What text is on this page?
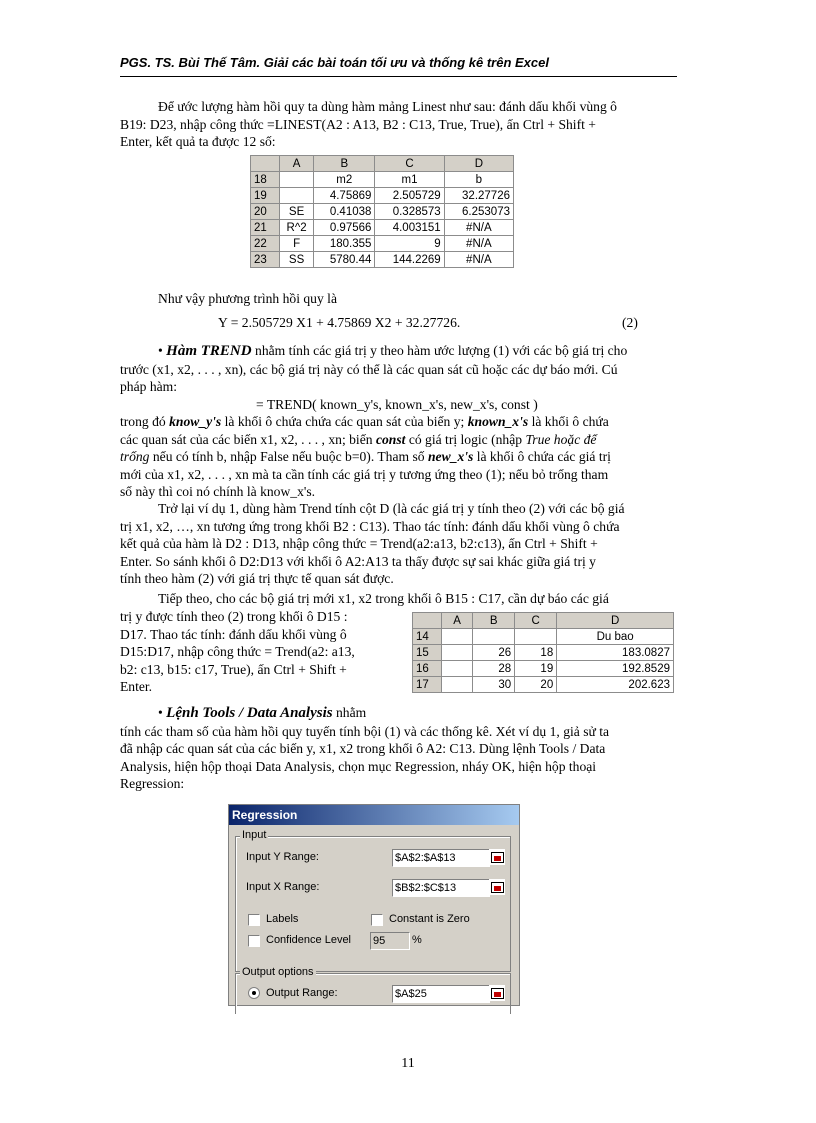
PGS. TS. Bùi Thế Tâm. Giải các bài toán tối ưu và thống kê trên Excel
Để ước lượng hàm hồi quy ta dùng hàm mảng Linest như sau: đánh dấu khối vùng ô
B19: D23, nhập công thức =LINEST(A2 : A13, B2 : C13, True, True), ấn Ctrl + Shift +
Enter, kết quả ta được 12 số:
	A	B	C	D
18		m2	m1	b
19		4.75869	2.505729	32.27726
20	SE	0.41038	0.328573	6.253073
21	R^2	0.97566	4.003151	#N/A
22	F	180.355	9	#N/A
23	SS	5780.44	144.2269	#N/A
Như vậy phương trình hồi quy là
Y = 2.505729 X1 + 4.75869 X2 + 32.27726.	(2)
• Hàm TREND nhằm tính các giá trị y theo hàm ước lượng (1) với các bộ giá trị cho
trước (x1, x2, . . . , xn), các bộ giá trị này có thể là các quan sát cũ hoặc các dự báo mới. Cú
pháp hàm:
= TREND( known_y's, known_x's, new_x's, const )
trong đó know_y's là khối ô chứa chứa các quan sát của biến y; known_x's là khối ô chứa
các quan sát của các biến x1, x2, . . . , xn; biến const có giá trị logic (nhập True hoặc để
trống nếu có tính b, nhập False nếu buộc b=0). Tham số new_x's là khối ô chứa các giá trị
mới của x1, x2, . . . , xn mà ta cần tính các giá trị y tương ứng theo (1); nếu bỏ trống tham
số này thì coi nó chính là know_x's.
Trở lại ví dụ 1, dùng hàm Trend tính cột D (là các giá trị y tính theo (2) với các bộ giá
trị x1, x2, …, xn tương ứng trong khối B2 : C13). Thao tác tính: đánh dấu khối vùng ô chứa
kết quả của hàm là D2 : D13, nhập công thức = Trend(a2:a13, b2:c13), ấn Ctrl + Shift +
Enter. So sánh khối ô D2:D13 với khối ô A2:A13 ta thấy được sự sai khác giữa giá trị y
tính theo hàm (2) với giá trị thực tế quan sát được.
Tiếp theo, cho các bộ giá trị mới x1, x2 trong khối ô B15 : C17, cần dự báo các giá
trị y được tính theo (2) trong khối ô D15 :
D17. Thao tác tính: đánh dấu khối vùng ô
D15:D17, nhập công thức = Trend(a2: a13,
b2: c13, b15: c17, True), ấn Ctrl + Shift +
Enter.
	A	B	C	D
14				Du bao
15		26	18	183.0827
16		28	19	192.8529
17		30	20	202.623
• Lệnh Tools / Data Analysis nhằm
tính các tham số của hàm hồi quy tuyến tính bội (1) và các thống kê. Xét ví dụ 1, giả sử ta
đã nhập các quan sát của các biến y, x1, x2 trong khối ô A2: C13. Dùng lệnh Tools / Data
Analysis, hiện hộp thoại Data Analysis, chọn mục Regression, nháy OK, hiện hộp thoại
Regression:
Regression
Input
Input Y Range:	$A$2:$A$13
Input X Range:	$B$2:$C$13
Labels	Constant is Zero
Confidence Level 95	%
Output options
Output Range:	$A$25
11
